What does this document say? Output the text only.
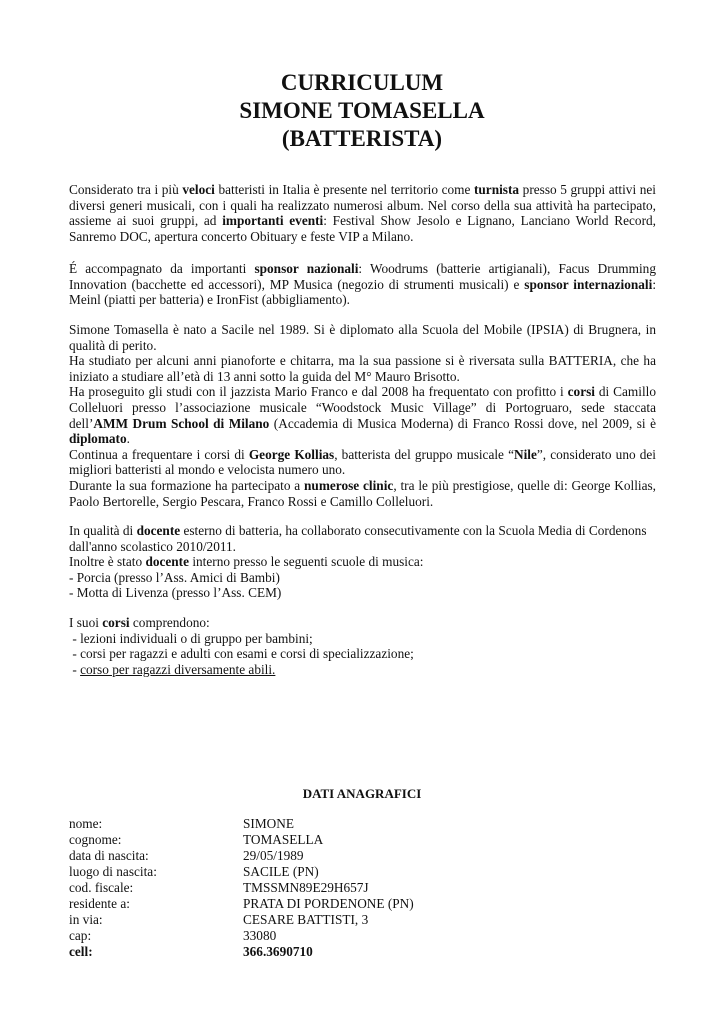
CURRICULUM
SIMONE TOMASELLA
(BATTERISTA)

Considerato tra i più veloci batteristi in Italia è presente nel territorio come turnista presso 5 gruppi attivi nei diversi generi musicali, con i quali ha realizzato numerosi album. Nel corso della sua attività ha partecipato, assieme ai suoi gruppi, ad importanti eventi: Festival Show Jesolo e Lignano, Lanciano World Record, Sanremo DOC, apertura concerto Obituary e feste VIP a Milano.

É accompagnato da importanti sponsor nazionali: Woodrums (batterie artigianali), Facus Drumming Innovation (bacchette ed accessori), MP Musica (negozio di strumenti musicali) e sponsor internazionali: Meinl (piatti per batteria) e IronFist (abbigliamento).

Simone Tomasella è nato a Sacile nel 1989. Si è diplomato alla Scuola del Mobile (IPSIA) di Brugnera, in qualità di perito.

Ha studiato per alcuni anni pianoforte e chitarra, ma la sua passione si è riversata sulla BATTERIA, che ha iniziato a studiare all’età di 13 anni sotto la guida del M° Mauro Brisotto.

Ha proseguito gli studi con il jazzista Mario Franco e dal 2008 ha frequentato con profitto i corsi di Camillo Colleluori presso l’associazione musicale “Woodstock Music Village” di Portogruaro, sede staccata dell’AMM Drum School di Milano (Accademia di Musica Moderna) di Franco Rossi dove, nel 2009, si è diplomato.

Continua a frequentare i corsi di George Kollias, batterista del gruppo musicale “Nile”, considerato uno dei migliori batteristi al mondo e velocista numero uno.

Durante la sua formazione ha partecipato a numerose clinic, tra le più prestigiose, quelle di: George Kollias, Paolo Bertorelle, Sergio Pescara, Franco Rossi e Camillo Colleluori.

In qualità di docente esterno di batteria, ha collaborato consecutivamente con la Scuola Media di Cordenons dall'anno scolastico 2010/2011.

Inoltre è stato docente interno presso le seguenti scuole di musica:

- Porcia (presso l’Ass. Amici di Bambi)

- Motta di Livenza (presso l’Ass. CEM)

I suoi corsi comprendono:

- lezioni individuali o di gruppo per bambini;

- corsi per ragazzi e adulti con esami e corsi di specializzazione;

- corso per ragazzi diversamente abili.

DATI ANAGRAFICI
nome:	SIMONE
cognome:	TOMASELLA
data di nascita:	29/05/1989
luogo di nascita:	SACILE (PN)
cod. fiscale:	TMSSMN89E29H657J
residente a:	PRATA DI PORDENONE (PN)
in via:	CESARE BATTISTI, 3
cap:	33080
cell:	366.3690710
